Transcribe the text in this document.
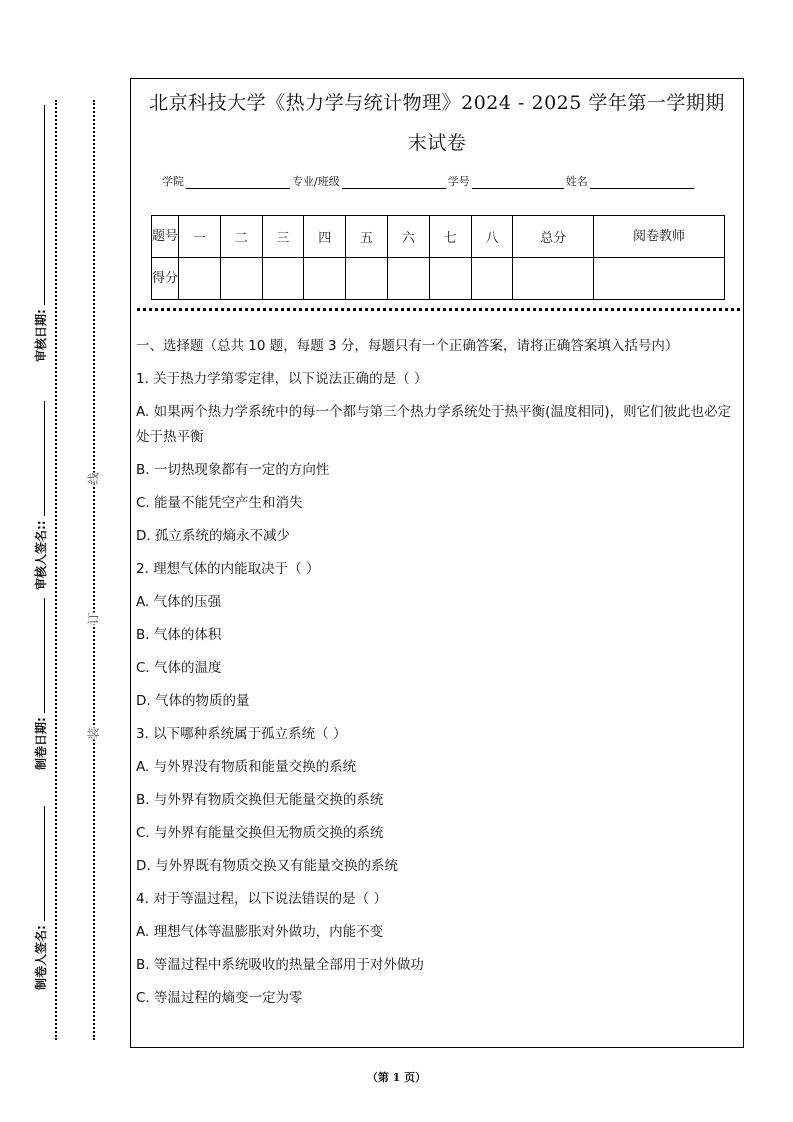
装
订
线
制卷人签名:
制卷日期:
审核人签名::
审核日期:
北京科技大学《热力学与统计物理》2024 - 2025 学年第一学期期
末试卷
学院	专业/班级	学号	姓名
题号	一	二	三	四	五	六	七	八	总分	阅卷教师
得分										

一、选择题（总共 10 题，每题 3 分，每题只有一个正确答案，请将正确答案填入括号内）

1. 关于热力学第零定律，以下说法正确的是（ ）

A. 如果两个热力学系统中的每一个都与第三个热力学系统处于热平衡(温度相同)，则它们彼此也必定处于热平衡

B. 一切热现象都有一定的方向性

C. 能量不能凭空产生和消失

D. 孤立系统的熵永不减少

2. 理想气体的内能取决于（ ）

A. 气体的压强

B. 气体的体积

C. 气体的温度

D. 气体的物质的量

3. 以下哪种系统属于孤立系统（ ）

A. 与外界没有物质和能量交换的系统

B. 与外界有物质交换但无能量交换的系统

C. 与外界有能量交换但无物质交换的系统

D. 与外界既有物质交换又有能量交换的系统

4. 对于等温过程，以下说法错误的是（ ）

A. 理想气体等温膨胀对外做功，内能不变

B. 等温过程中系统吸收的热量全部用于对外做功

C. 等温过程的熵变一定为零

（第 1 页）
